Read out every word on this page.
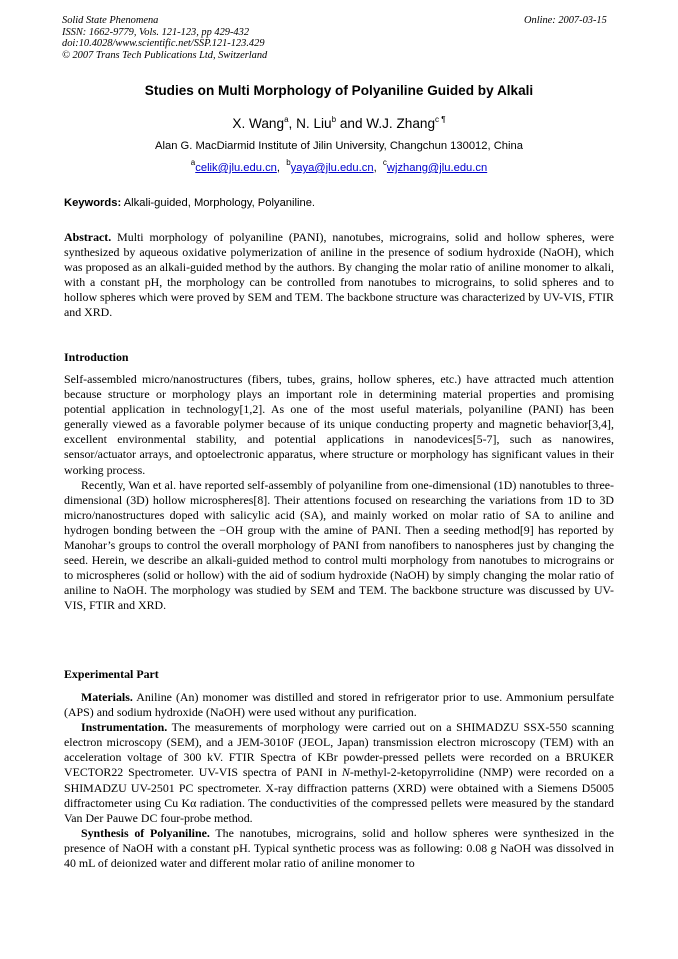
Solid State Phenomena
ISSN: 1662-9779, Vols. 121-123, pp 429-432
doi:10.4028/www.scientific.net/SSP.121-123.429
© 2007 Trans Tech Publications Ltd, Switzerland
Online: 2007-03-15
Studies on Multi Morphology of Polyaniline Guided by Alkali
X. Wang$^a$, N. Liu$^b$ and W.J. Zhang$^{c \P}$
Alan G. MacDiarmid Institute of Jilin University, Changchun 130012, China
$^a$celik@jlu.edu.cn,  $^b$yaya@jlu.edu.cn,  $^c$wjzhang@jlu.edu.cn
Keywords: Alkali-guided, Morphology, Polyaniline.

Abstract. Multi morphology of polyaniline (PANI), nanotubes, micrograins, solid and hollow spheres, were synthesized by aqueous oxidative polymerization of aniline in the presence of sodium hydroxide (NaOH), which was proposed as an alkali-guided method by the authors. By changing the molar ratio of aniline monomer to alkali, with a constant pH, the morphology can be controlled from nanotubes to micrograins, to solid spheres and to hollow spheres which were proved by SEM and TEM. The backbone structure was characterized by UV-VIS, FTIR and XRD.

Introduction

Self-assembled micro/nanostructures (fibers, tubes, grains, hollow spheres, etc.) have attracted much attention because structure or morphology plays an important role in determining material properties and promising potential application in technology[1,2]. As one of the most useful materials, polyaniline (PANI) has been generally viewed as a favorable polymer because of its unique conducting property and magnetic behavior[3,4], excellent environmental stability, and potential applications in nanodevices[5-7], such as nanowires, sensor/actuator arrays, and optoelectronic apparatus, where structure or morphology has significant values in their working process.

Recently, Wan et al. have reported self-assembly of polyaniline from one-dimensional (1D) nanotubles to three-dimensional (3D) hollow microspheres[8]. Their attentions focused on researching the variations from 1D to 3D micro/nanostructures doped with salicylic acid (SA), and mainly worked on molar ratio of SA to aniline and hydrogen bonding between the −OH group with the amine of PANI. Then a seeding method[9] has reported by Manohar’s groups to control the overall morphology of PANI from nanofibers to nanospheres just by changing the seed. Herein, we describe an alkali-guided method to control multi morphology from nanotubes to micrograins or to microspheres (solid or hollow) with the aid of sodium hydroxide (NaOH) by simply changing the molar ratio of aniline to NaOH. The morphology was studied by SEM and TEM. The backbone structure was discussed by UV-VIS, FTIR and XRD.

Experimental Part

Materials. Aniline (An) monomer was distilled and stored in refrigerator prior to use. Ammonium persulfate (APS) and sodium hydroxide (NaOH) were used without any purification.

Instrumentation. The measurements of morphology were carried out on a SHIMADZU SSX-550 scanning electron microscopy (SEM), and a JEM-3010F (JEOL, Japan) transmission electron microscopy (TEM) with an acceleration voltage of 300 kV. FTIR Spectra of KBr powder-pressed pellets were recorded on a BRUKER VECTOR22 Spectrometer. UV-VIS spectra of PANI in N-methyl-2-ketopyrrolidine (NMP) were recorded on a SHIMADZU UV-2501 PC spectrometer. X-ray diffraction patterns (XRD) were obtained with a Siemens D5005 diffractometer using Cu Kα radiation. The conductivities of the compressed pellets were measured by the standard Van Der Pauwe DC four-probe method.

Synthesis of Polyaniline. The nanotubes, micrograins, solid and hollow spheres were synthesized in the presence of NaOH with a constant pH. Typical synthetic process was as following: 0.08 g NaOH was dissolved in 40 mL of deionized water and different molar ratio of aniline monomer to
